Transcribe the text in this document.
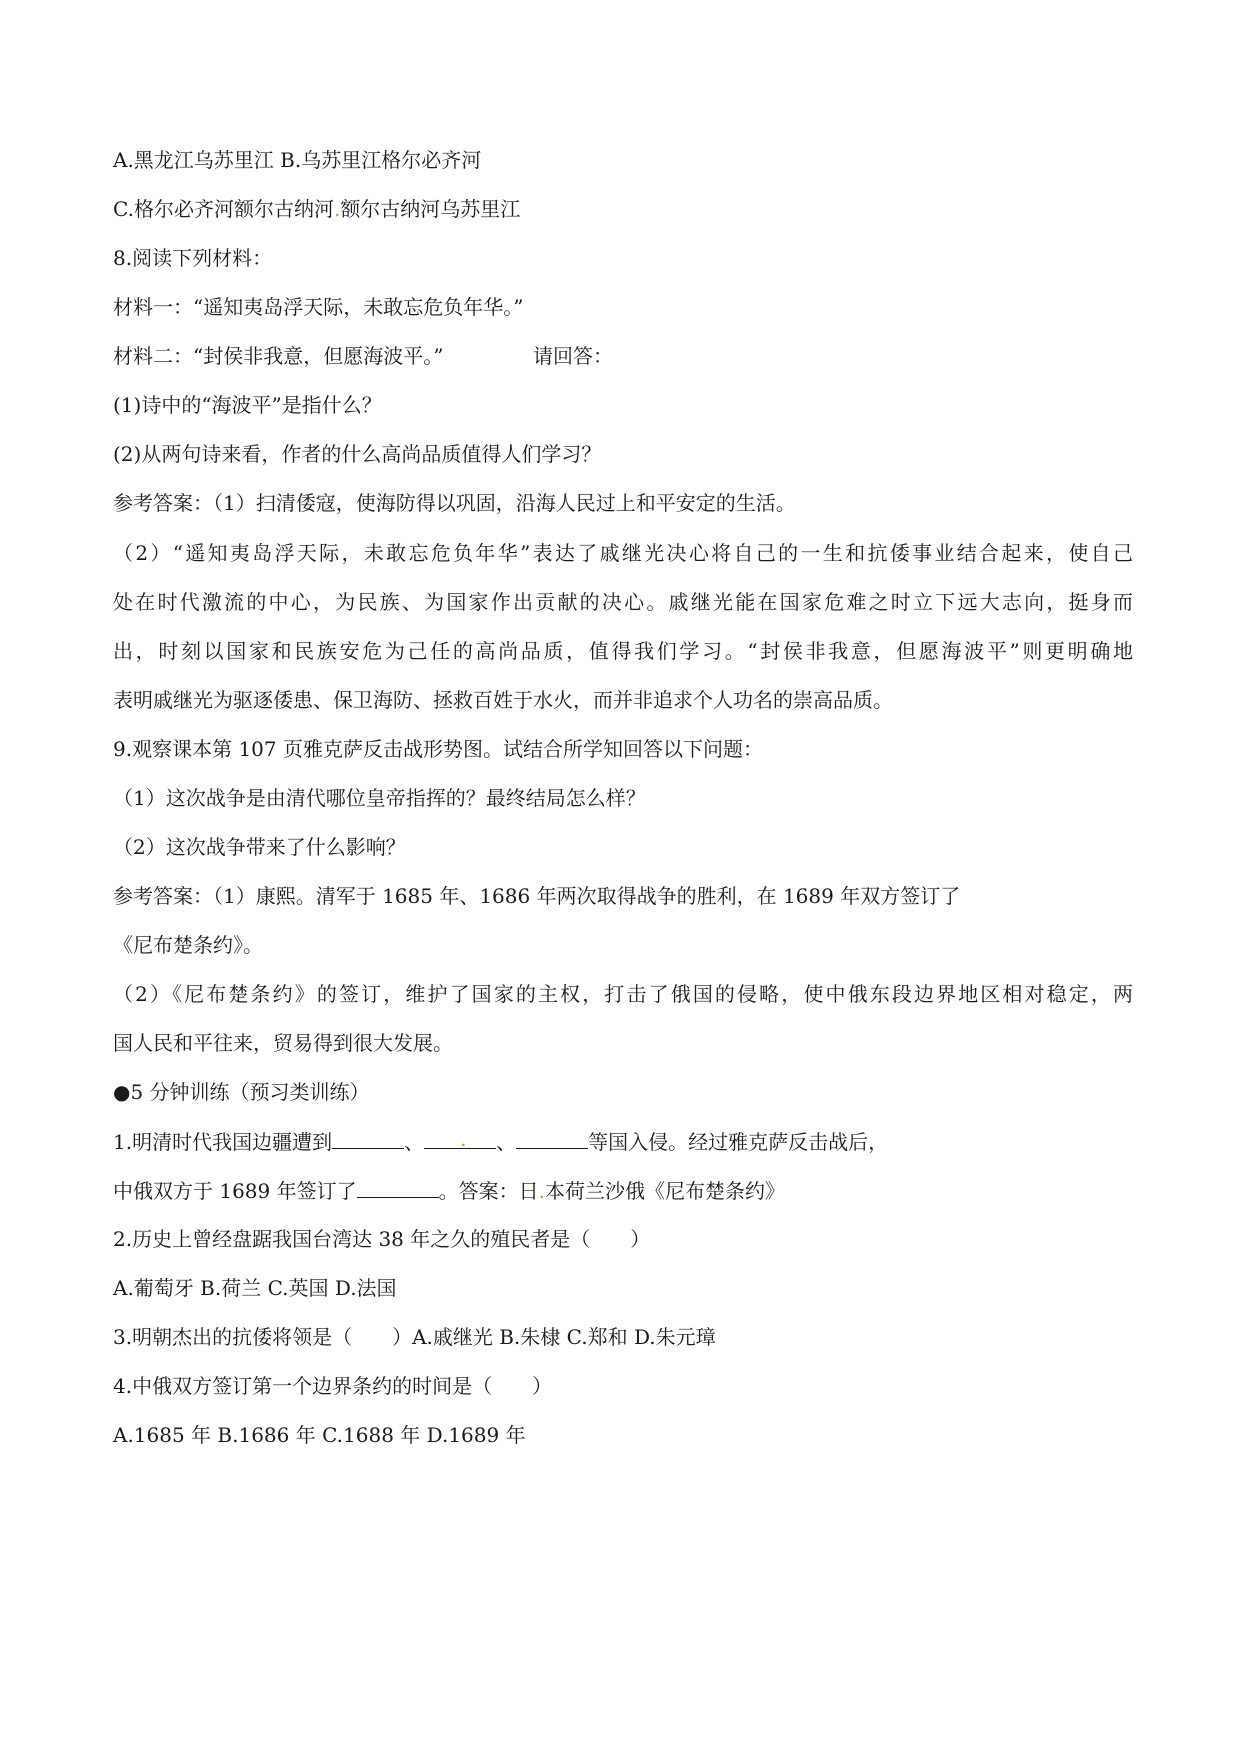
A.黑龙江乌苏里江 B.乌苏里江格尔必齐河
C.格尔必齐河额尔古纳河.额尔古纳河乌苏里江
8.阅读下列材料：
材料一：“遥知夷岛浮天际，未敢忘危负年华。”
材料二：“封侯非我意，但愿海波平。”	请回答：
(1)诗中的“海波平”是指什么？
(2)从两句诗来看，作者的什么高尚品质值得人们学习？
参考答案：（1）扫清倭寇，使海防得以巩固，沿海人民过上和平安定的生活。
（2）“遥知夷岛浮天际，未敢忘危负年华”表达了戚继光决心将自己的一生和抗倭事业结合起来，使自己
处在时代激流的中心，为民族、为国家作出贡献的决心。戚继光能在国家危难之时立下远大志向，挺身而
出，时刻以国家和民族安危为己任的高尚品质，值得我们学习。“封侯非我意，但愿海波平”则更明确地
表明戚继光为驱逐倭患、保卫海防、拯救百姓于水火，而并非追求个人功名的崇高品质。
9.观察课本第 107 页雅克萨反击战形势图。试结合所学知回答以下问题：
（1）这次战争是由清代哪位皇帝指挥的？最终结局怎么样？
（2）这次战争带来了什么影响？
参考答案：（1）康熙。清军于 1685 年、1686 年两次取得战争的胜利，在 1689 年双方签订了
《尼布楚条约》。
（2）《尼布楚条约》的签订，维护了国家的主权，打击了俄国的侵略，使中俄东段边界地区相对稳定，两
国人民和平往来，贸易得到很大发展。
●5 分钟训练（预习类训练）
1.明清时代我国边疆遭到	、 . 、	等国入侵。经过雅克萨反击战后，
中俄双方于 1689 年签订了	。答案：日.本荷兰沙俄《尼布楚条约》
2.历史上曾经盘踞我国台湾达 38 年之久的殖民者是（　　）
A.葡萄牙 B.荷兰 C.英国 D.法国
3.明朝杰出的抗倭将领是（　　）A.戚继光 B.朱棣 C.郑和 D.朱元璋
4.中俄双方签订第一个边界条约的时间是（　　）
A.1685 年 B.1686 年 C.1688 年 D.1689 年
